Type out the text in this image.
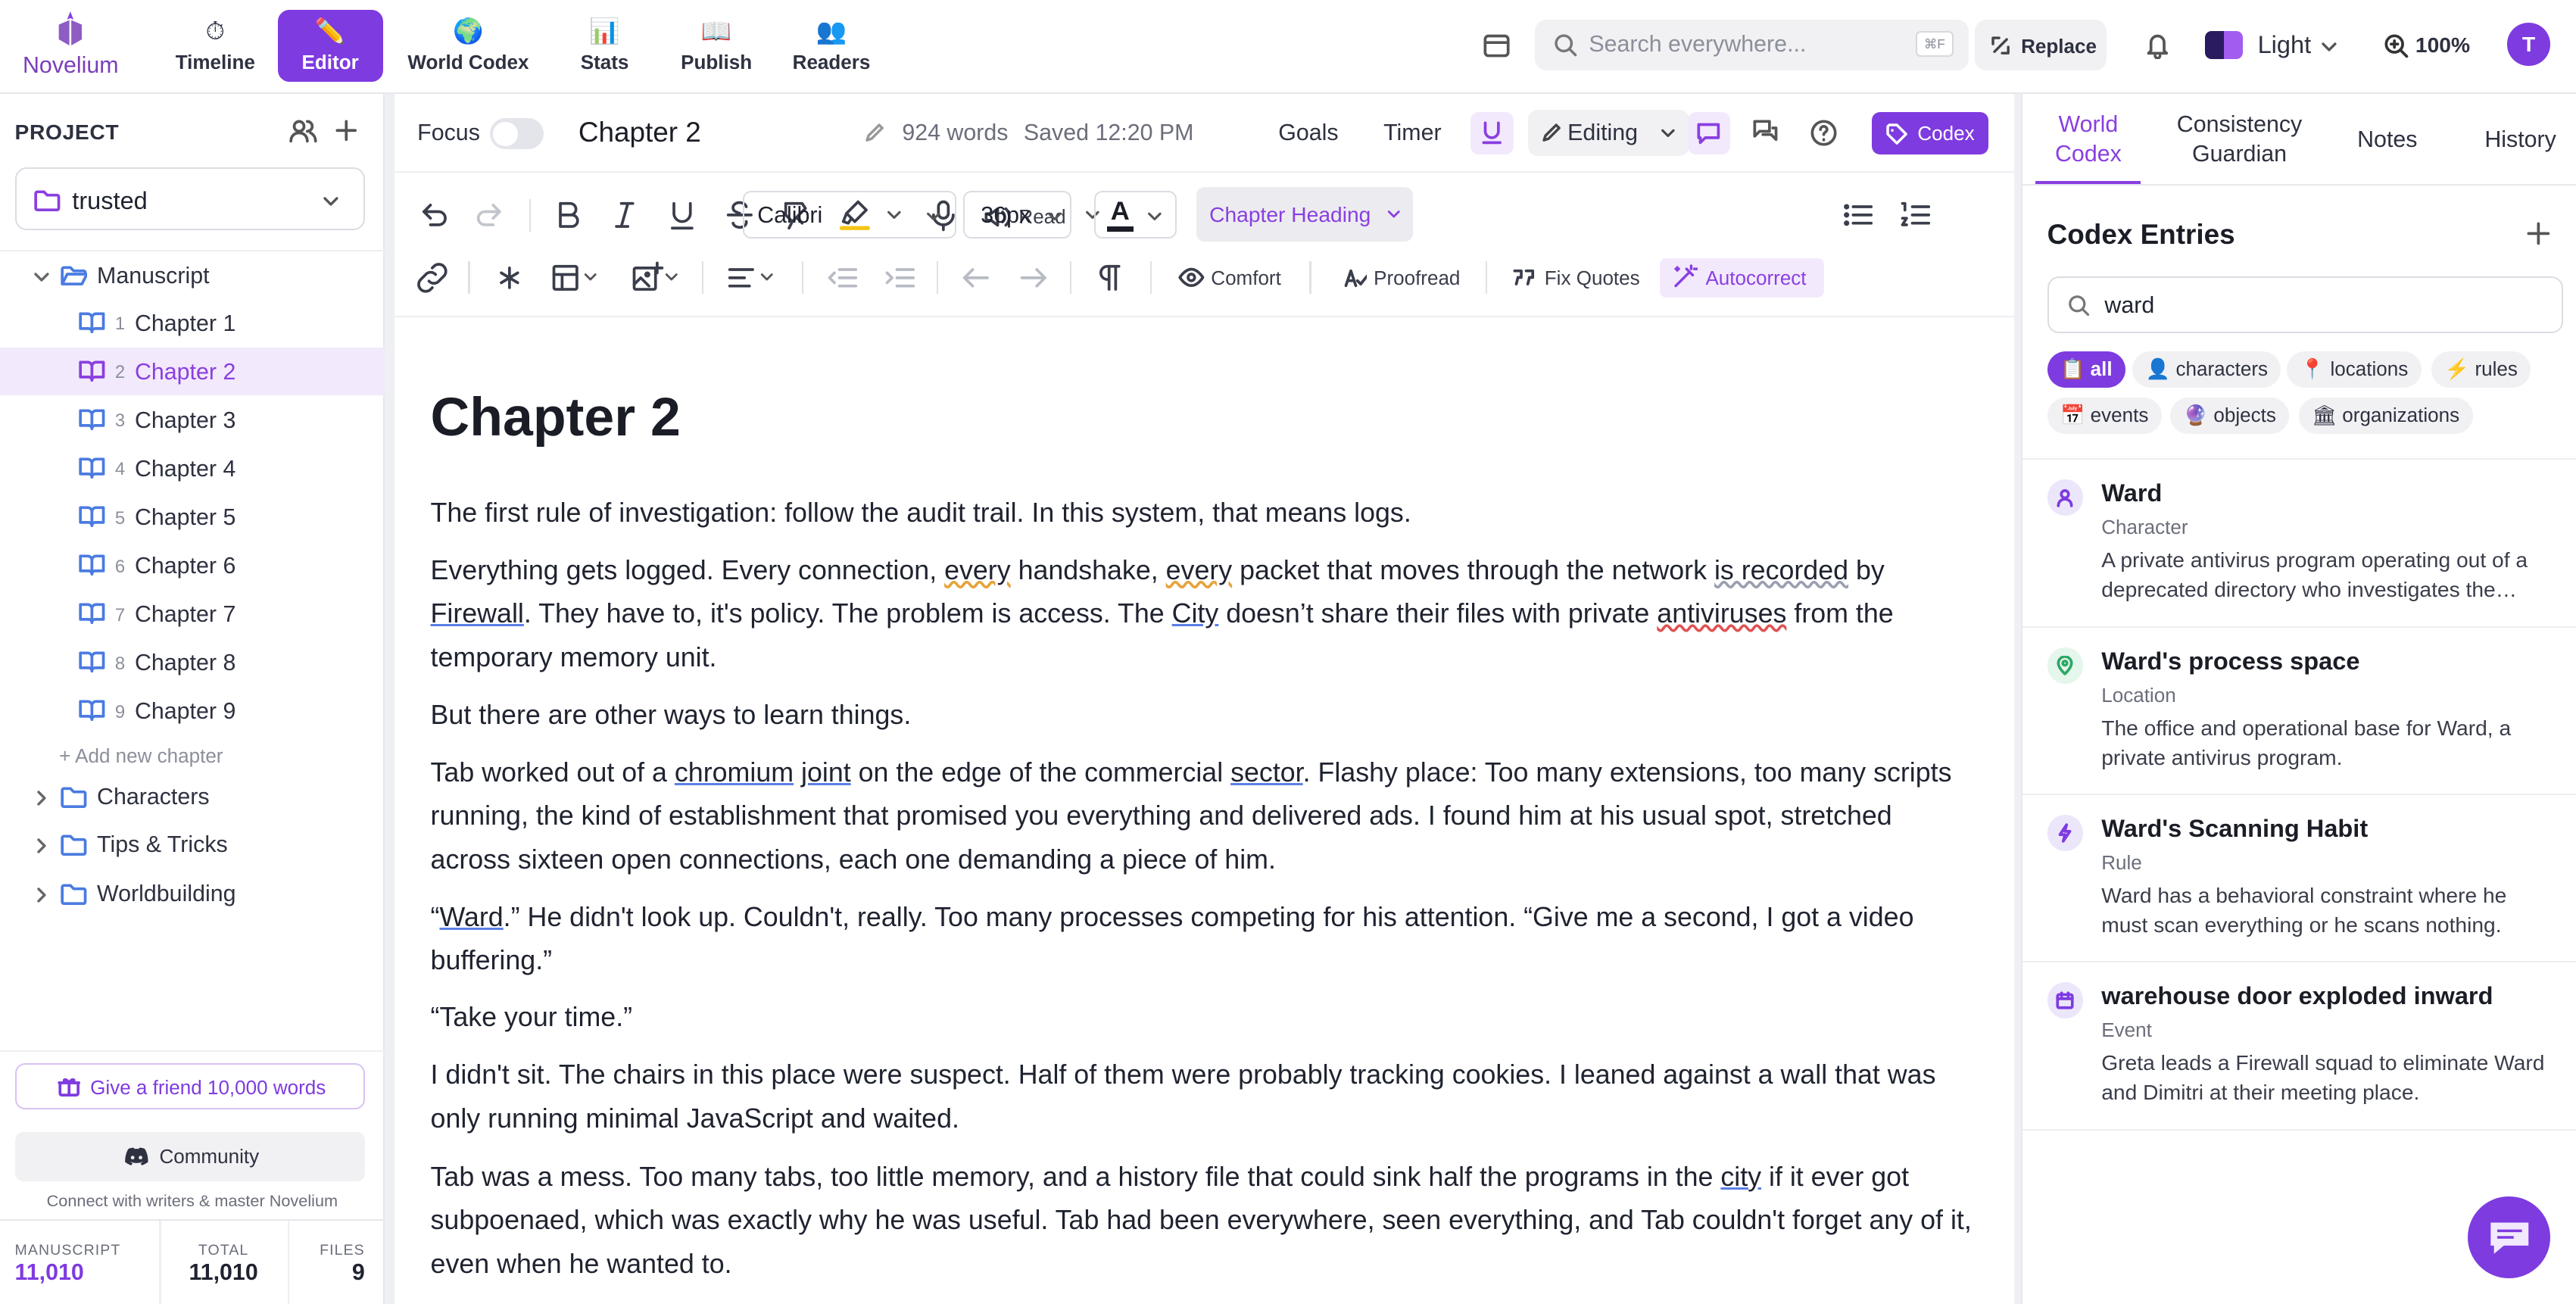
Novelium
⏱
Timeline
✏️
Editor
🌍
World Codex
📊
Stats
📖
Publish
👥
Readers
Search everywhere...	⌘F	Replace	Light	100%	T
PROJECT
trusted
Manuscript
1 Chapter 1
2 Chapter 2
3 Chapter 3
4 Chapter 4
5 Chapter 5
6 Chapter 6
7 Chapter 7
8 Chapter 8
9 Chapter 9
+ Add new chapter
Characters
Tips & Tricks
Worldbuilding
Give a friend 10,000 words
Community
Connect with writers & master Novelium
MANUSCRIPT
11,010
TOTAL
11,010
FILES
9
Focus	Chapter 2	924 words Saved 12:20 PM	Goals	Timer	Editing	Codex
Read
Calibri	36px	A	Chapter Heading
Comfort	Proofread	Fix Quotes	Autocorrect
Chapter 2
The first rule of investigation: follow the audit trail. In this system, that means logs.
Everything gets logged. Every connection, every handshake, every packet that moves through the network is recorded by Firewall. They have to, it's policy. The problem is access. The City doesn’t share their files with private antiviruses from the temporary memory unit.
But there are other ways to learn things.
Tab worked out of a chromium joint on the edge of the commercial sector. Flashy place: Too many extensions, too many scripts running, the kind of establishment that promised you everything and delivered ads. I found him at his usual spot, stretched across sixteen open connections, each one demanding a piece of him.
“Ward.” He didn't look up. Couldn't, really. Too many processes competing for his attention. “Give me a second, I got a video buffering.”
“Take your time.”
I didn't sit. The chairs in this place were suspect. Half of them were probably tracking cookies. I leaned against a wall that was only running minimal JavaScript and waited.
Tab was a mess. Too many tabs, too little memory, and a history file that could sink half the programs in the city if it ever got subpoenaed, which was exactly why he was useful. Tab had been everywhere, seen everything, and Tab couldn't forget any of it, even when he wanted to.
World Codex
Consistency Guardian
Notes	History
Codex Entries
ward
📋 all	👤 characters	📍 locations	⚡ rules
📅 events	🔮 objects	🏛 organizations
Ward
Character
A private antivirus program operating out of a deprecated directory who investigates the…
Ward's process space
Location
The office and operational base for Ward, a private antivirus program.
Ward's Scanning Habit
Rule
Ward has a behavioral constraint where he must scan everything or he scans nothing.
warehouse door exploded inward
Event
Greta leads a Firewall squad to eliminate Ward and Dimitri at their meeting place.
